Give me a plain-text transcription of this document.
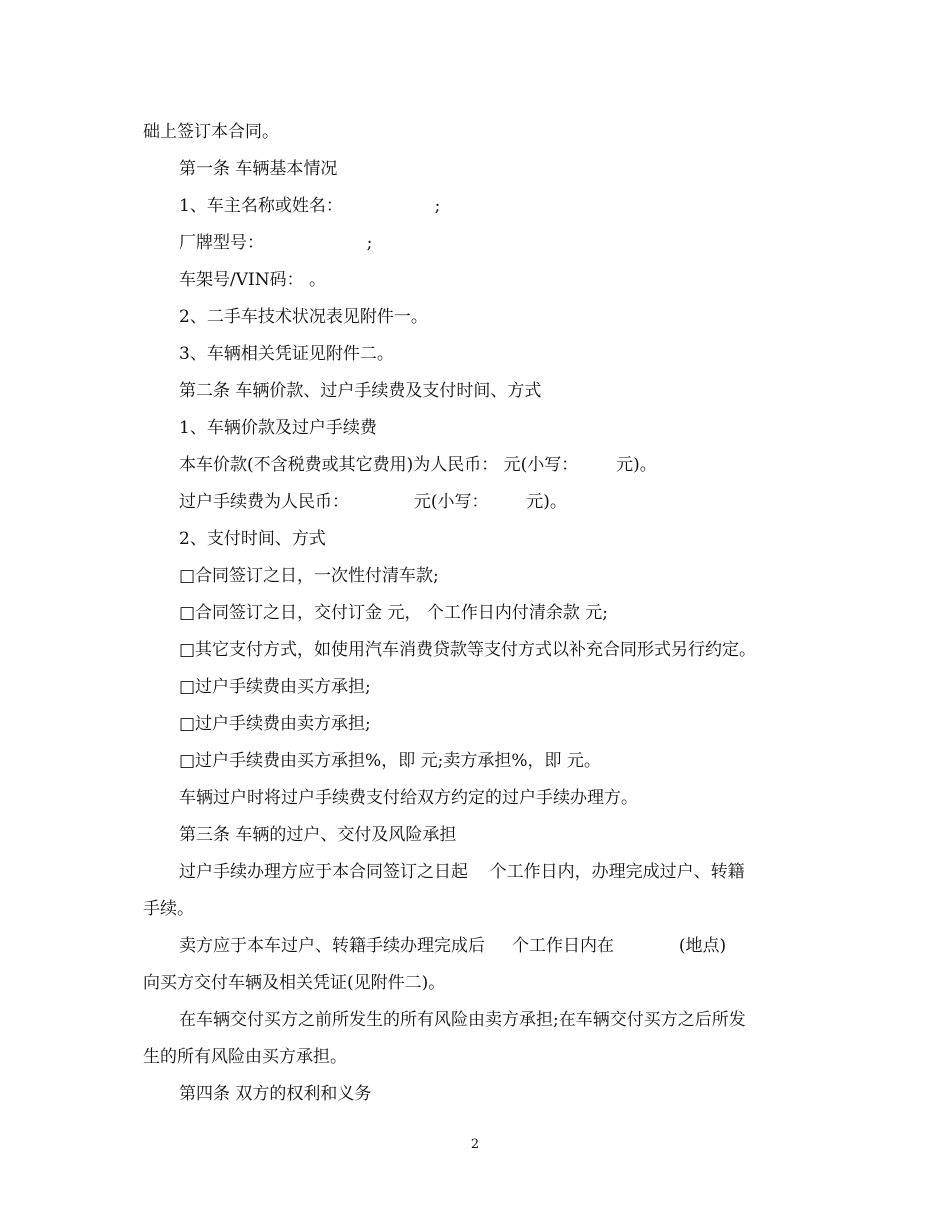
础上签订本合同。
第一条 车辆基本情况
1、车主名称或姓名：                 ;
厂牌型号：                   ;
车架号/VIN码： 。
2、二手车技术状况表见附件一。
3、车辆相关凭证见附件二。
第二条 车辆价款、过户手续费及支付时间、方式
1、车辆价款及过户手续费
本车价款(不含税费或其它费用)为人民币： 元(小写：       元)。
过户手续费为人民币：            元(小写：       元)。
2、支付时间、方式
□合同签订之日，一次性付清车款;
□合同签订之日，交付订金 元， 个工作日内付清余款 元;
□其它支付方式，如使用汽车消费贷款等支付方式以补充合同形式另行约定。
□过户手续费由买方承担;
□过户手续费由卖方承担;
□过户手续费由买方承担%，即 元;卖方承担%，即 元。
车辆过户时将过户手续费支付给双方约定的过户手续办理方。
第三条 车辆的过户、交付及风险承担
过户手续办理方应于本合同签订之日起    个工作日内，办理完成过户、转籍
手续。
卖方应于本车过户、转籍手续办理完成后     个工作日内在            (地点)
向买方交付车辆及相关凭证(见附件二)。
在车辆交付买方之前所发生的所有风险由卖方承担;在车辆交付买方之后所发
生的所有风险由买方承担。
第四条 双方的权利和义务
2
